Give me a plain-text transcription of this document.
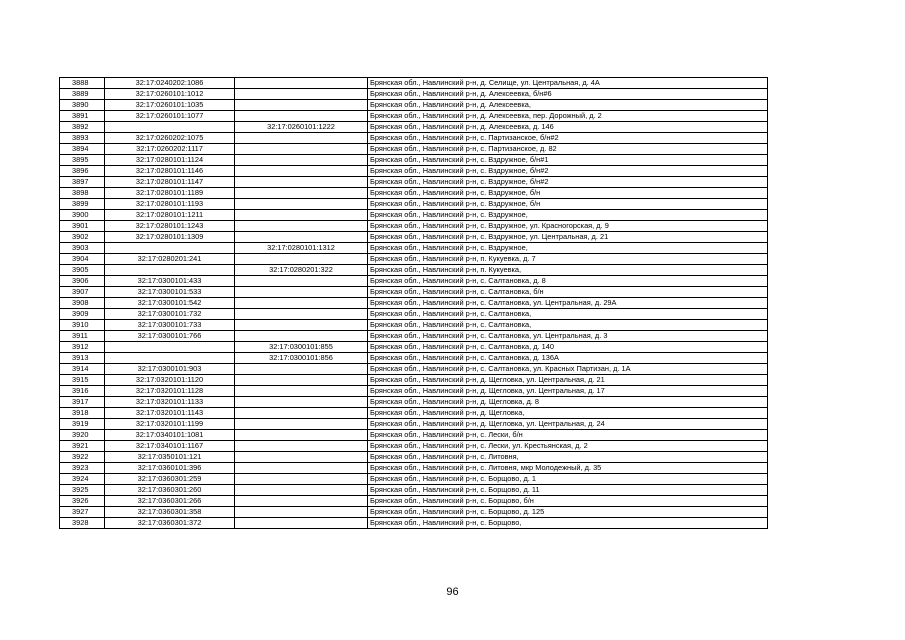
3888	32:17:0240202:1086		Брянская обл., Навлинский р-н, д. Селище, ул. Центральная, д. 4А
3889	32:17:0260101:1012		Брянская обл., Навлинский р-н, д. Алексеевка, б/н#6
3890	32:17:0260101:1035		Брянская обл., Навлинский р-н, д. Алексеевка,
3891	32:17:0260101:1077		Брянская обл., Навлинский р-н, д. Алексеевка, пер. Дорожный, д. 2
3892		32:17:0260101:1222	Брянская обл., Навлинский р-н, д. Алексеевка, д. 146
3893	32:17:0260202:1075		Брянская обл., Навлинский р-н, с. Партизанское, б/н#2
3894	32:17:0260202:1117		Брянская обл., Навлинский р-н, с. Партизанское, д. 82
3895	32:17:0280101:1124		Брянская обл., Навлинский р-н, с. Вздружное, б/н#1
3896	32:17:0280101:1146		Брянская обл., Навлинский р-н, с. Вздружное, б/н#2
3897	32:17:0280101:1147		Брянская обл., Навлинский р-н, с. Вздружное, б/н#2
3898	32:17:0280101:1189		Брянская обл., Навлинский р-н, с. Вздружное, б/н
3899	32:17:0280101:1193		Брянская обл., Навлинский р-н, с. Вздружное, б/н
3900	32:17:0280101:1211		Брянская обл., Навлинский р-н, с. Вздружное,
3901	32:17:0280101:1243		Брянская обл., Навлинский р-н, с. Вздружное, ул. Красногорская, д. 9
3902	32:17:0280101:1309		Брянская обл., Навлинский р-н, с. Вздружное, ул. Центральная, д. 21
3903		32:17:0280101:1312	Брянская обл., Навлинский р-н, с. Вздружное,
3904	32:17:0280201:241		Брянская обл., Навлинский р-н, п. Кукуевка, д. 7
3905		32:17:0280201:322	Брянская обл., Навлинский р-н, п. Кукуевка,
3906	32:17:0300101:433		Брянская обл., Навлинский р-н, с. Салтановка, д. 8
3907	32:17:0300101:533		Брянская обл., Навлинский р-н, с. Салтановка, б/н
3908	32:17:0300101:542		Брянская обл., Навлинский р-н, с. Салтановка, ул. Центральная, д. 29А
3909	32:17:0300101:732		Брянская обл., Навлинский р-н, с. Салтановка,
3910	32:17:0300101:733		Брянская обл., Навлинский р-н, с. Салтановка,
3911	32:17:0300101:766		Брянская обл., Навлинский р-н, с. Салтановка, ул. Центральная, д. 3
3912		32:17:0300101:855	Брянская обл., Навлинский р-н, с. Салтановка, д. 140
3913		32:17:0300101:856	Брянская обл., Навлинский р-н, с. Салтановка, д. 136А
3914	32:17:0300101:903		Брянская обл., Навлинский р-н, с. Салтановка, ул. Красных Партизан, д. 1А
3915	32:17:0320101:1120		Брянская обл., Навлинский р-н, д. Щегловка, ул. Центральная, д. 21
3916	32:17:0320101:1128		Брянская обл., Навлинский р-н, д. Щегловка, ул. Центральная, д. 17
3917	32:17:0320101:1133		Брянская обл., Навлинский р-н, д. Щегловка, д. 8
3918	32:17:0320101:1143		Брянская обл., Навлинский р-н, д. Щегловка,
3919	32:17:0320101:1199		Брянская обл., Навлинский р-н, д. Щегловка, ул. Центральная, д. 24
3920	32:17:0340101:1081		Брянская обл., Навлинский р-н, с. Лески, б/н
3921	32:17:0340101:1167		Брянская обл., Навлинский р-н, с. Лески, ул. Крестьянская, д. 2
3922	32:17:0350101:121		Брянская обл., Навлинский р-н, с. Литовня,
3923	32:17:0360101:396		Брянская обл., Навлинский р-н, с. Литовня, мкр Молодежный, д. 35
3924	32:17:0360301:259		Брянская обл., Навлинский р-н, с. Борщово, д. 1
3925	32:17:0360301:260		Брянская обл., Навлинский р-н, с. Борщово, д. 11
3926	32:17:0360301:266		Брянская обл., Навлинский р-н, с. Борщово, б/н
3927	32:17:0360301:358		Брянская обл., Навлинский р-н, с. Борщово, д. 125
3928	32:17:0360301:372		Брянская обл., Навлинский р-н, с. Борщово,
96
